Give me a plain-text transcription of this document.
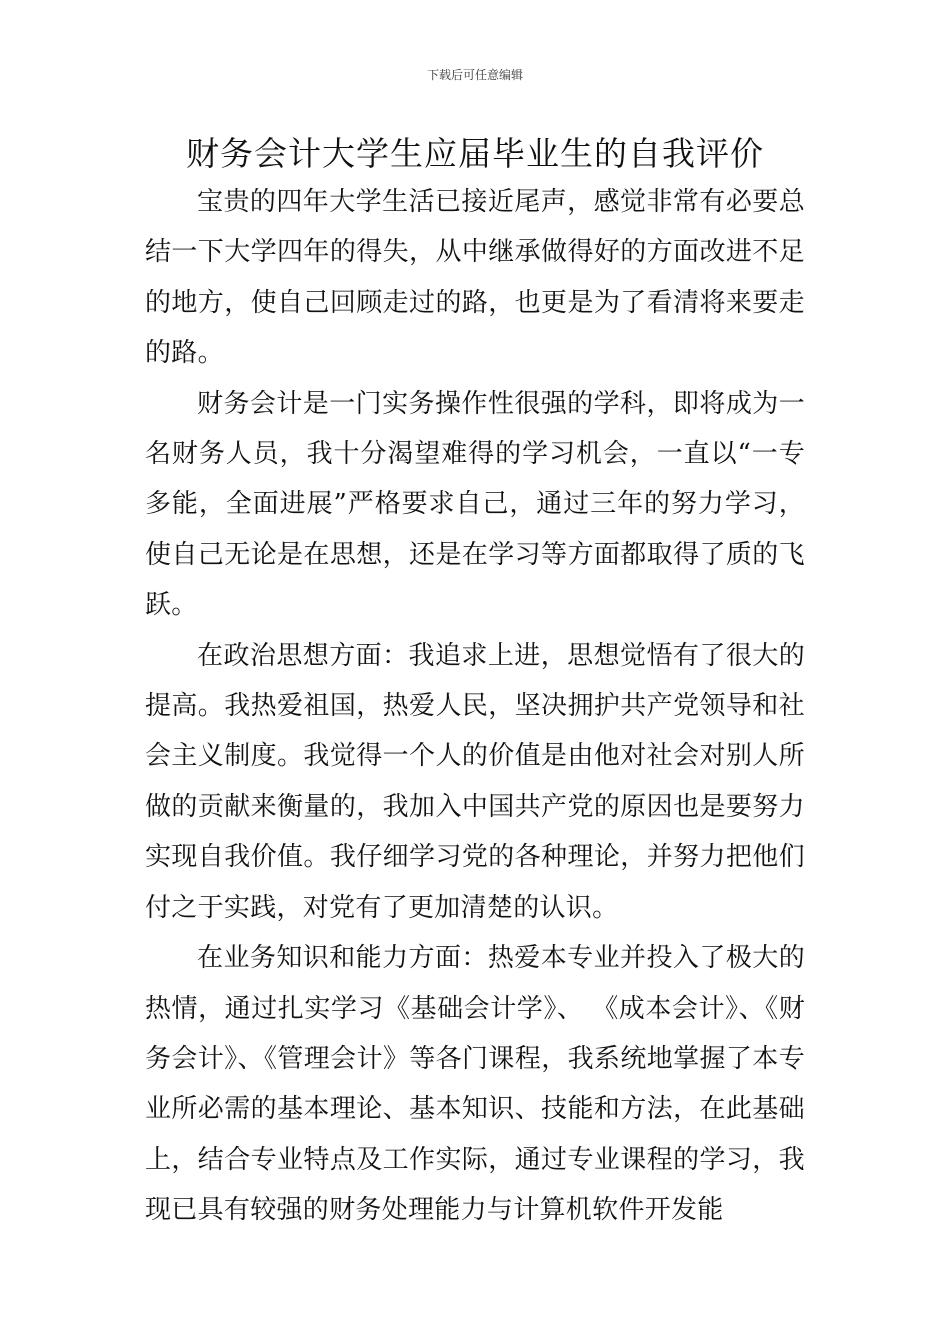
下载后可任意编辑
财务会计大学生应届毕业生的自我评价

宝贵的四年大学生活已接近尾声，感觉非常有必要总结一下大学四年的得失，从中继承做得好的方面改进不足的地方，使自己回顾走过的路，也更是为了看清将来要走的路。

财务会计是一门实务操作性很强的学科，即将成为一名财务人员，我十分渴望难得的学习机会，一直以“一专多能，全面进展”严格要求自己，通过三年的努力学习，使自己无论是在思想，还是在学习等方面都取得了质的飞跃。

在政治思想方面：我追求上进，思想觉悟有了很大的提高。我热爱祖国，热爱人民，坚决拥护共产党领导和社会主义制度。我觉得一个人的价值是由他对社会对别人所做的贡献来衡量的，我加入中国共产党的原因也是要努力实现自我价值。我仔细学习党的各种理论，并努力把他们付之于实践，对党有了更加清楚的认识。

在业务知识和能力方面：热爱本专业并投入了极大的热情，通过扎实学习《基础会计学》、 《成本会计》、《财务会计》、《管理会计》等各门课程，我系统地掌握了本专业所必需的基本理论、基本知识、技能和方法，在此基础上，结合专业特点及工作实际，通过专业课程的学习，我现已具有较强的财务处理能力与计算机软件开发能
